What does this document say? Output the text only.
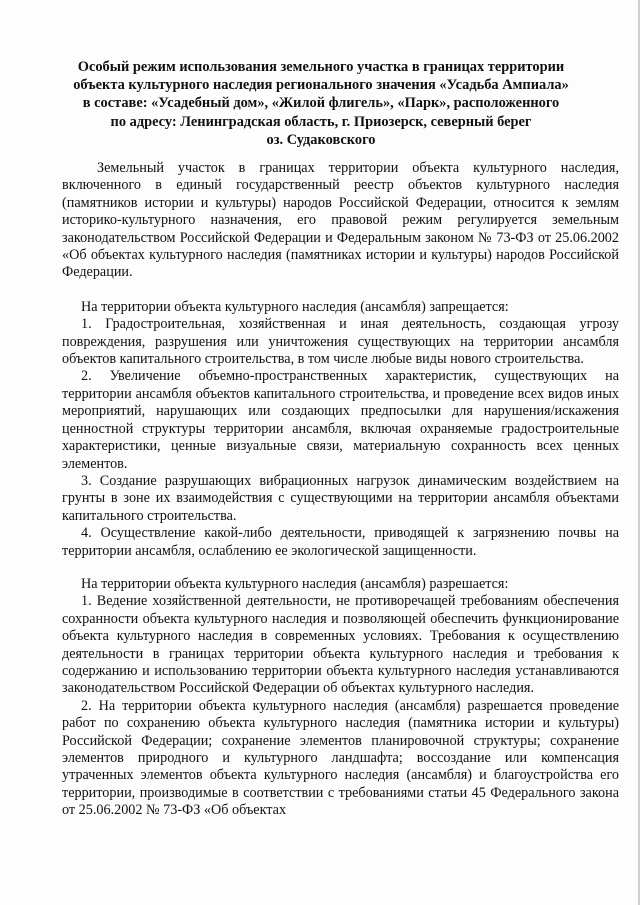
Особый режим использования земельного участка в границах территории
объекта культурного наследия регионального значения «Усадьба Ампиала»
в составе: «Усадебный дом», «Жилой флигель», «Парк», расположенного
по адресу: Ленинградская область, г. Приозерск, северный берег
оз. Судаковского

Земельный участок в границах территории объекта культурного наследия, включенного в единый государственный реестр объектов культурного наследия (памятников истории и культуры) народов Российской Федерации, относится к землям историко-культурного назначения, его правовой режим регулируется земельным законодательством Российской Федерации и Федеральным законом № 73-ФЗ от 25.06.2002 «Об объектах культурного наследия (памятниках истории и культуры) народов Российской Федерации.

На территории объекта культурного наследия (ансамбля) запрещается:

1. Градостроительная, хозяйственная и иная деятельность, создающая угрозу повреждения, разрушения или уничтожения существующих на территории ансамбля объектов капитального строительства, в том числе любые виды нового строительства.

2. Увеличение объемно-пространственных характеристик, существующих на территории ансамбля объектов капитального строительства, и проведение всех видов иных мероприятий, нарушающих или создающих предпосылки для нарушения/искажения ценностной структуры территории ансамбля, включая охраняемые градостроительные характеристики, ценные визуальные связи, материальную сохранность всех ценных элементов.

3. Создание разрушающих вибрационных нагрузок динамическим воздействием на грунты в зоне их взаимодействия с существующими на территории ансамбля объектами капитального строительства.

4. Осуществление какой-либо деятельности, приводящей к загрязнению почвы на территории ансамбля, ослаблению ее экологической защищенности.

На территории объекта культурного наследия (ансамбля) разрешается:

1. Ведение хозяйственной деятельности, не противоречащей требованиям обеспечения сохранности объекта культурного наследия и позволяющей обеспечить функционирование объекта культурного наследия в современных условиях. Требования к осуществлению деятельности в границах территории объекта культурного наследия и требования к содержанию и использованию территории объекта культурного наследия устанавливаются законодательством Российской Федерации об объектах культурного наследия.

2. На территории объекта культурного наследия (ансамбля) разрешается проведение работ по сохранению объекта культурного наследия (памятника истории и культуры) Российской Федерации; сохранение элементов планировочной структуры; сохранение элементов природного и культурного ландшафта; воссоздание или компенсация утраченных элементов объекта культурного наследия (ансамбля) и благоустройства его территории, производимые в соответствии с требованиями статьи 45 Федерального закона от 25.06.2002 № 73-ФЗ «Об объектах
